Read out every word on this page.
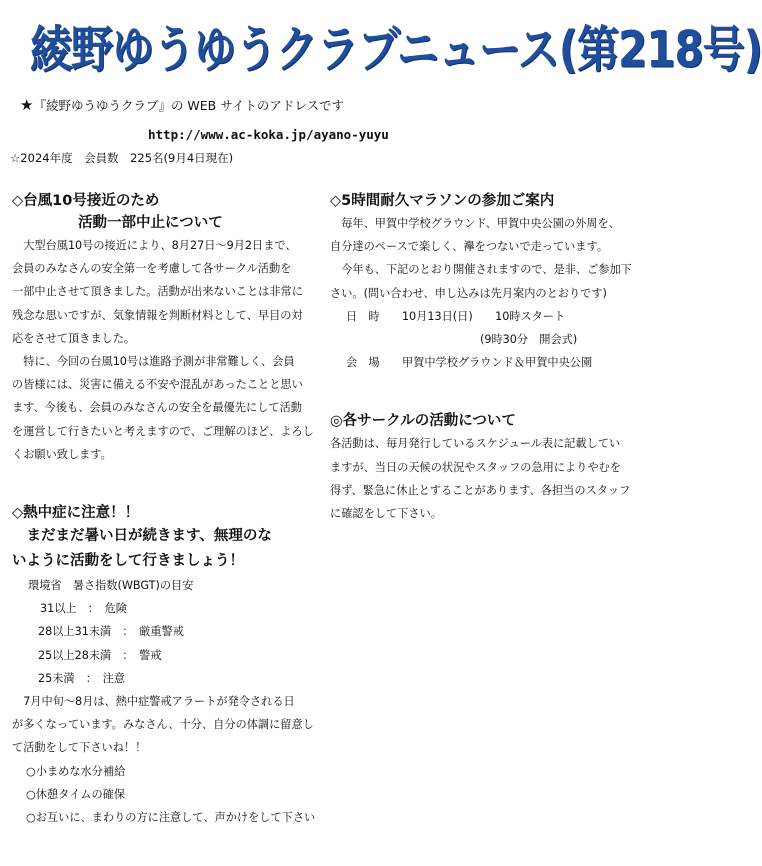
綾野ゆうゆうクラブニュース(第218号)
★『綾野ゆうゆうクラブ』の WEB サイトのアドレスです
http://www.ac-koka.jp/ayano-yuyu
☆2024年度　会員数　225名(9月4日現在)

◇台風10号接近のため

活動一部中止について

　大型台風10号の接近により、8月27日～9月2日まで、

会員のみなさんの安全第一を考慮して各サークル活動を

一部中止させて頂きました。活動が出来ないことは非常に

残念な思いですが、気象情報を判断材料として、早目の対

応をさせて頂きました。

　特に、今回の台風10号は進路予測が非常難しく、会員

の皆様には、災害に備える不安や混乱があったことと思い

ます、今後も、会員のみなさんの安全を最優先にして活動

を運営して行きたいと考えますので、ご理解のほど、よろし

くお願い致します。

◇熱中症に注意！！

　まだまだ暑い日が続きます、無理のな

いように活動をして行きましょう！

環境省　暑さ指数(WBGT)の目安

31以上　：　危険

28以上31未満　：　厳重警戒

25以上28未満　：　警戒

25未満　：　注意

　7月中旬～8月は、熱中症警戒アラートが発令される日

が多くなっています。みなさん、十分、自分の体調に留意し

て活動をして下さいね！！

○小まめな水分補給

○休憩タイムの確保

○お互いに、まわりの方に注意して、声かけをして下さい

◇5時間耐久マラソンの参加ご案内

　毎年、甲賀中学校グラウンド、甲賀中央公園の外周を、

自分達のペースで楽しく、襷をつないで走っています。

　今年も、下記のとおり開催されますので、是非、ご参加下

さい。(問い合わせ、申し込みは先月案内のとおりです)

日　時　　10月13日(日)　　10時スタート

(9時30分　開会式)

会　場　　甲賀中学校グラウンド＆甲賀中央公園

◎各サークルの活動について

各活動は、毎月発行しているスケジュール表に記載してい

ますが、当日の天候の状況やスタッフの急用によりやむを

得ず、緊急に休止とすることがあります、各担当のスタッフ

に確認をして下さい。
